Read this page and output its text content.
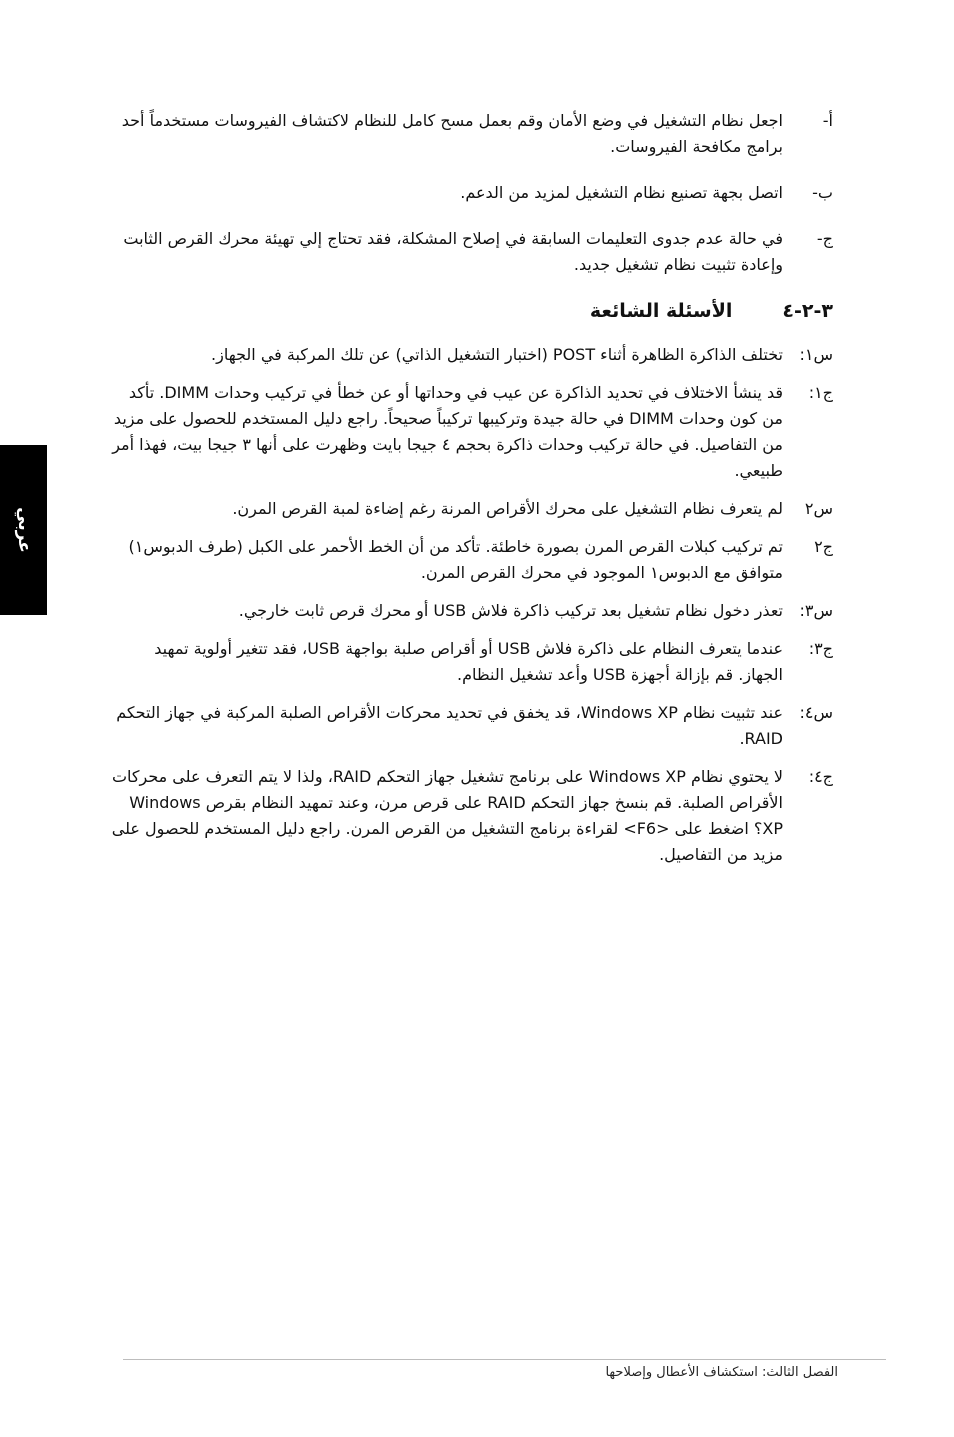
عربي
أ-
اجعل نظام التشغيل في وضع الأمان وقم بعمل مسح كامل للنظام لاكتشاف الفيروسات مستخدماً أحد برامج مكافحة الفيروسات.
ب-
اتصل بجهة تصنيع نظام التشغيل لمزيد من الدعم.
ج-
في حالة عدم جدوى التعليمات السابقة في إصلاح المشكلة، فقد تحتاج إلي تهيئة محرك القرص الثابت وإعادة تثبيت نظام تشغيل جديد.
٣-٢-٤
الأسئلة الشائعة
س١:
تختلف الذاكرة الظاهرة أثناء POST (اختبار التشغيل الذاتي) عن تلك المركبة في الجهاز.
ج١:
قد ينشأ الاختلاف في تحديد الذاكرة عن عيب في وحداتها أو عن خطأ في تركيب وحدات DIMM. تأكد من كون وحدات DIMM في حالة جيدة وتركيبها تركيباً صحيحاً. راجع دليل المستخدم للحصول على مزيد من التفاصيل. في حالة تركيب وحدات ذاكرة بحجم ٤ جيجا بايت وظهرت على أنها ٣ جيجا بيت، فهذا أمر طبيعي.
س٢
لم يتعرف نظام التشغيل على محرك الأقراص المرنة رغم إضاءة لمبة القرص المرن.
ج٢
تم تركيب كبلات القرص المرن بصورة خاطئة. تأكد من أن الخط الأحمر على الكبل (طرف الدبوس١) متوافق مع الدبوس١ الموجود في محرك القرص المرن.
س٣:
تعذر دخول نظام تشغيل بعد تركيب ذاكرة فلاش USB أو محرك قرص ثابت خارجي.
ج٣:
عندما يتعرف النظام على ذاكرة فلاش USB أو أقراص صلبة بواجهة USB، فقد تتغير أولوية تمهيد الجهاز. قم بإزالة أجهزة USB وأعد تشغيل النظام.
س٤:
عند تثبيت نظام Windows XP، قد يخفق في تحديد محركات الأقراص الصلبة المركبة في جهاز التحكم RAID.
ج٤:
لا يحتوي نظام Windows XP على برنامج تشغيل جهاز التحكم RAID، ولذا لا يتم التعرف على محركات الأقراص الصلبة. قم بنسخ جهاز التحكم RAID على قرص مرن، وعند تمهيد النظام بقرص Windows XP؟ اضغط على <F6> لقراءة برنامج التشغيل من القرص المرن. راجع دليل المستخدم للحصول على مزيد من التفاصيل.
الفصل الثالث: استكشاف الأعطال وإصلاحها
